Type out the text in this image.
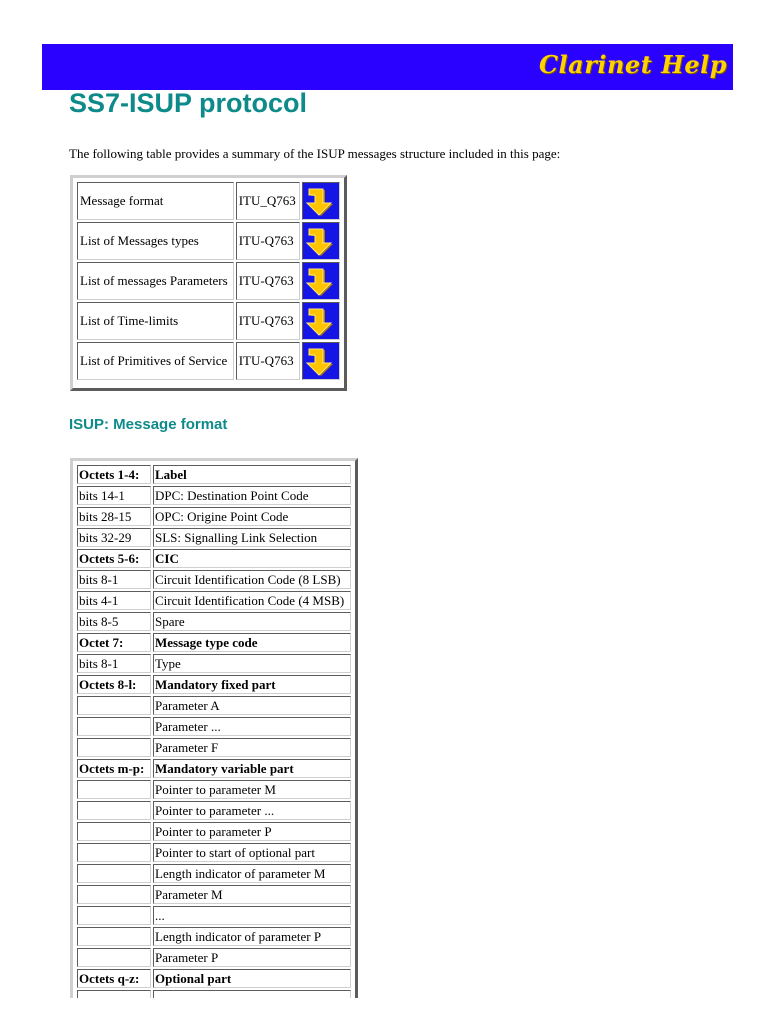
Clarinet Help
SS7-ISUP protocol

The following table provides a summary of the ISUP messages structure included in this page:

Message format	ITU_Q763	

List of Messages types	ITU-Q763	

List of messages Parameters	ITU-Q763	

List of Time-limits	ITU-Q763	

List of Primitives of Service	ITU-Q763	
ISUP: Message format
Octets 1-4:	Label
bits 14-1	DPC: Destination Point Code
bits 28-15	OPC: Origine Point Code
bits 32-29	SLS: Signalling Link Selection
Octets 5-6:	CIC
bits 8-1	Circuit Identification Code (8 LSB)
bits 4-1	Circuit Identification Code (4 MSB)
bits 8-5	Spare
Octet 7:	Message type code
bits 8-1	Type
Octets 8-l:	Mandatory fixed part
	Parameter A
	Parameter ...
	Parameter F
Octets m-p:	Mandatory variable part
	Pointer to parameter M
	Pointer to parameter ...
	Pointer to parameter P
	Pointer to start of optional part
	Length indicator of parameter M
	Parameter M
	...
	Length indicator of parameter P
	Parameter P
Octets q-z:	Optional part
